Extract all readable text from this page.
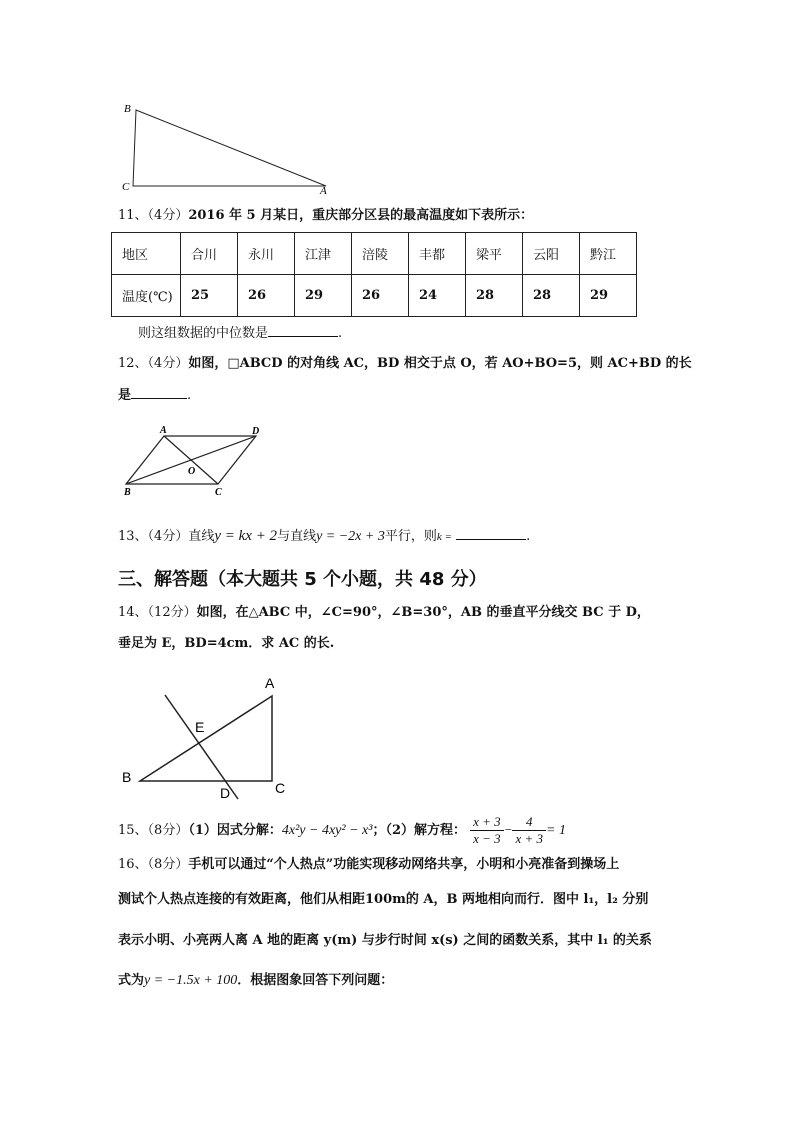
B
C	A
11、（4分）2016 年 5 月某日，重庆部分区县的最高温度如下表所示：
地区	合川	永川	江津	涪陵	丰都	梁平	云阳	黔江
温度(℃)	25	26	29	26	24	28	28	29
则这组数据的中位数是	.
12、（4分）如图，□ABCD 的对角线 AC，BD 相交于点 O，若 AO+BO=5，则 AC+BD 的长
是	.
A	D
O
B	C
13、（4分）直线y = kx + 2与直线y = −2x + 3平行，则k =	.
三、解答题（本大题共 5 个小题，共 48 分）
14、（12分）如图，在△ABC 中，∠C=90°，∠B=30°，AB 的垂直平分线交 BC 于 D，
垂足为 E，BD=4cm．求 AC 的长.
A
E
B
D	C
15、（8分）（1）因式分解：4x²y − 4xy² − x³；（2）解方程： $\frac{x + 3}{x - 3} - \frac{4}{x + 3} = 1$
16、（8分）手机可以通过“个人热点”功能实现移动网络共享，小明和小亮准备到操场上
测试个人热点连接的有效距离，他们从相距100m的 A，B 两地相向而行．图中 l₁，l₂ 分别
表示小明、小亮两人离 A 地的距离 y(m) 与步行时间 x(s) 之间的函数关系，其中 l₁ 的关系
式为y = −1.5x + 100．根据图象回答下列问题：
